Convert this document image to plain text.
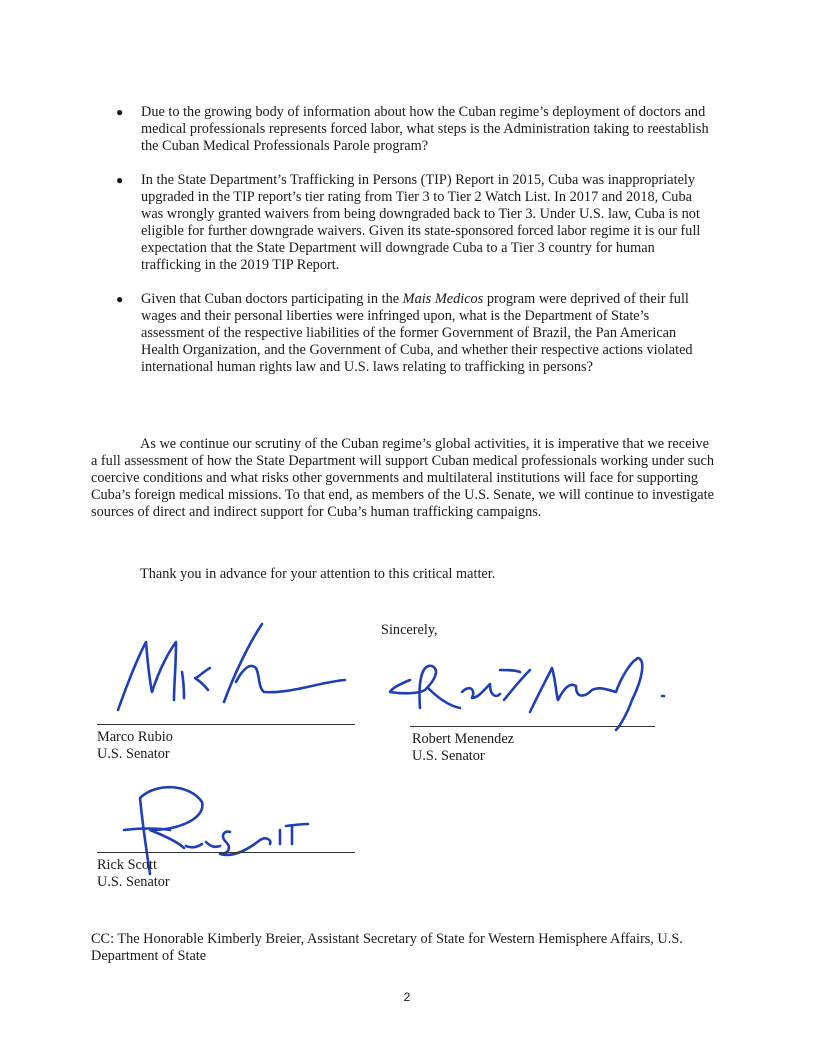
● Due to the growing body of information about how the Cuban regime’s deployment of doctors and medical professionals represents forced labor, what steps is the Administration taking to reestablish the Cuban Medical Professionals Parole program?
● In the State Department’s Trafficking in Persons (TIP) Report in 2015, Cuba was inappropriately upgraded in the TIP report’s tier rating from Tier 3 to Tier 2 Watch List. In 2017 and 2018, Cuba was wrongly granted waivers from being downgraded back to Tier 3. Under U.S. law, Cuba is not eligible for further downgrade waivers. Given its state-sponsored forced labor regime it is our full expectation that the State Department will downgrade Cuba to a Tier 3 country for human trafficking in the 2019 TIP Report.
● Given that Cuban doctors participating in the Mais Medicos program were deprived of their full wages and their personal liberties were infringed upon, what is the Department of State’s assessment of the respective liabilities of the former Government of Brazil, the Pan American Health Organization, and the Government of Cuba, and whether their respective actions violated international human rights law and U.S. laws relating to trafficking in persons?

As we continue our scrutiny of the Cuban regime’s global activities, it is imperative that we receive a full assessment of how the State Department will support Cuban medical professionals working under such coercive conditions and what risks other governments and multilateral institutions will face for supporting Cuba’s foreign medical missions. To that end, as members of the U.S. Senate, we will continue to investigate sources of direct and indirect support for Cuba’s human trafficking campaigns.

Thank you in advance for your attention to this critical matter.

Sincerely,
Marco Rubio
U.S. Senator
Robert Menendez
U.S. Senator
Rick Scott
U.S. Senator

CC: The Honorable Kimberly Breier, Assistant Secretary of State for Western Hemisphere Affairs, U.S. Department of State

2
